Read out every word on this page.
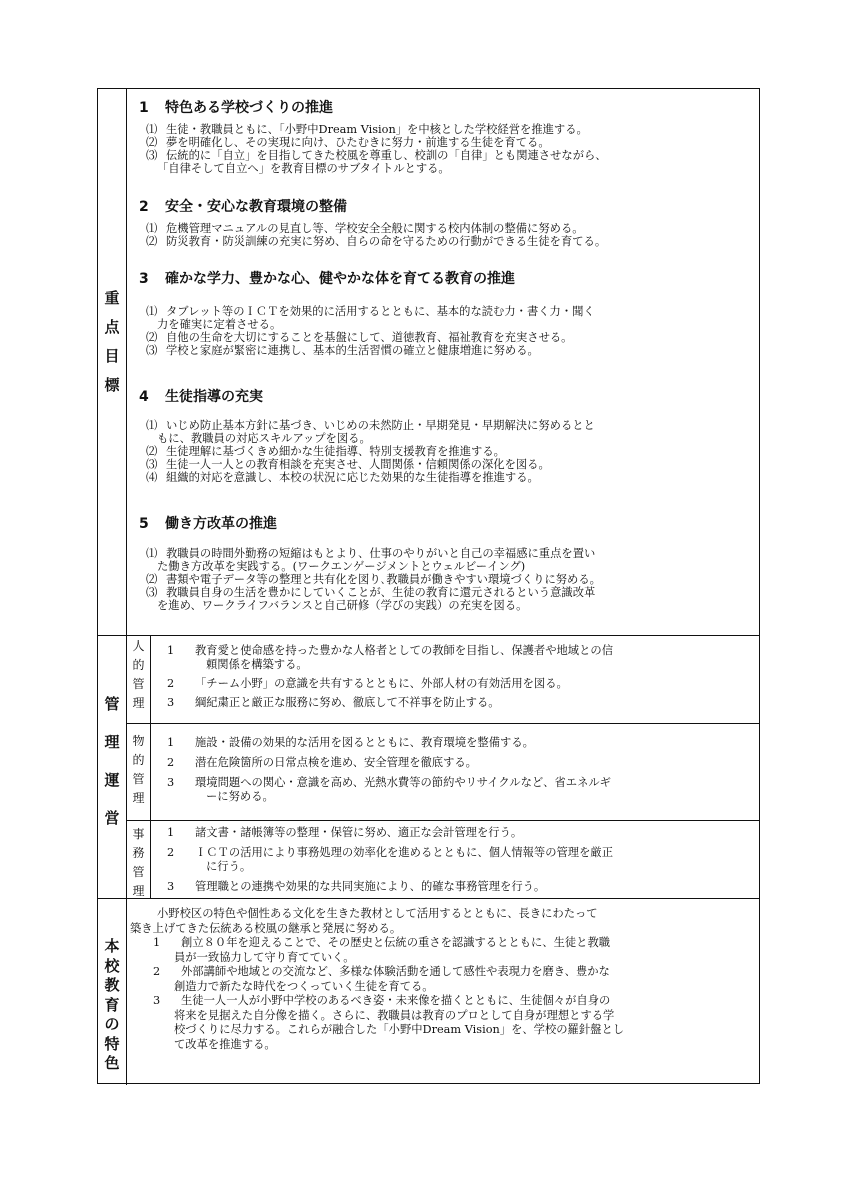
重
点
目
標
1 特色ある学校づくりの推進
⑴ 生徒・教職員ともに、「小野中Dream Vision」を中核とした学校経営を推進する。
⑵ 夢を明確化し、その実現に向け、ひたむきに努力・前進する生徒を育てる。
⑶ 伝統的に「自立」を目指してきた校風を尊重し、校訓の「自律」とも関連させながら、
「自律そして自立へ」を教育目標のサブタイトルとする。
2 安全・安心な教育環境の整備
⑴ 危機管理マニュアルの見直し等、学校安全全般に関する校内体制の整備に努める。
⑵ 防災教育・防災訓練の充実に努め、自らの命を守るための行動ができる生徒を育てる。
3 確かな学力、豊かな心、健やかな体を育てる教育の推進
⑴ タブレット等のＩＣＴを効果的に活用するとともに、基本的な読む力・書く力・聞く
力を確実に定着させる。
⑵ 自他の生命を大切にすることを基盤にして、道徳教育、福祉教育を充実させる。
⑶ 学校と家庭が緊密に連携し、基本的生活習慣の確立と健康増進に努める。
4 生徒指導の充実
⑴ いじめ防止基本方針に基づき、いじめの未然防止・早期発見・早期解決に努めるとと
もに、教職員の対応スキルアップを図る。
⑵ 生徒理解に基づくきめ細かな生徒指導、特別支援教育を推進する。
⑶ 生徒一人一人との教育相談を充実させ、人間関係・信頼関係の深化を図る。
⑷ 組織的対応を意識し、本校の状況に応じた効果的な生徒指導を推進する。
5 働き方改革の推進
⑴ 教職員の時間外勤務の短縮はもとより、仕事のやりがいと自己の幸福感に重点を置い
た働き方改革を実践する。(ワークエンゲージメントとウェルビーイング)
⑵ 書類や電子データ等の整理と共有化を図り､教職員が働きやすい環境づくりに努める。
⑶ 教職員自身の生活を豊かにしていくことが、生徒の教育に還元されるという意識改革
を進め、ワークライフバランスと自己研修（学びの実践）の充実を図る。
管
理
運
営
人
的
管
理
1	教育愛と使命感を持った豊かな人格者としての教師を目指し、保護者や地域との信
頼関係を構築する。
2	「チーム小野」の意識を共有するとともに、外部人材の有効活用を図る。
3	綱紀粛正と厳正な服務に努め、徹底して不祥事を防止する。
物
的
管
理
1	施設・設備の効果的な活用を図るとともに、教育環境を整備する。
2	潜在危険箇所の日常点検を進め、安全管理を徹底する。
3	環境問題への関心・意識を高め、光熱水費等の節約やリサイクルなど、省エネルギ
ーに努める。
事
務
管
理
1	諸文書・諸帳簿等の整理・保管に努め、適正な会計管理を行う。
2	ＩＣＴの活用により事務処理の効率化を進めるとともに、個人情報等の管理を厳正
に行う。
3	管理職との連携や効果的な共同実施により、的確な事務管理を行う。
本
校
教
育
の
特
色
小野校区の特色や個性ある文化を生きた教材として活用するとともに、長きにわたって
築き上げてきた伝統ある校風の継承と発展に努める。
1	創立８０年を迎えることで、その歴史と伝統の重さを認識するとともに、生徒と教職
員が一致協力して守り育てていく。
2	外部講師や地域との交流など、多様な体験活動を通して感性や表現力を磨き、豊かな
創造力で新たな時代をつくっていく生徒を育てる。
3	生徒一人一人が小野中学校のあるべき姿・未来像を描くとともに、生徒個々が自身の
将来を見据えた自分像を描く。さらに、教職員は教育のプロとして自身が理想とする学
校づくりに尽力する。これらが融合した「小野中Dream Vision」を、学校の羅針盤とし
て改革を推進する。
